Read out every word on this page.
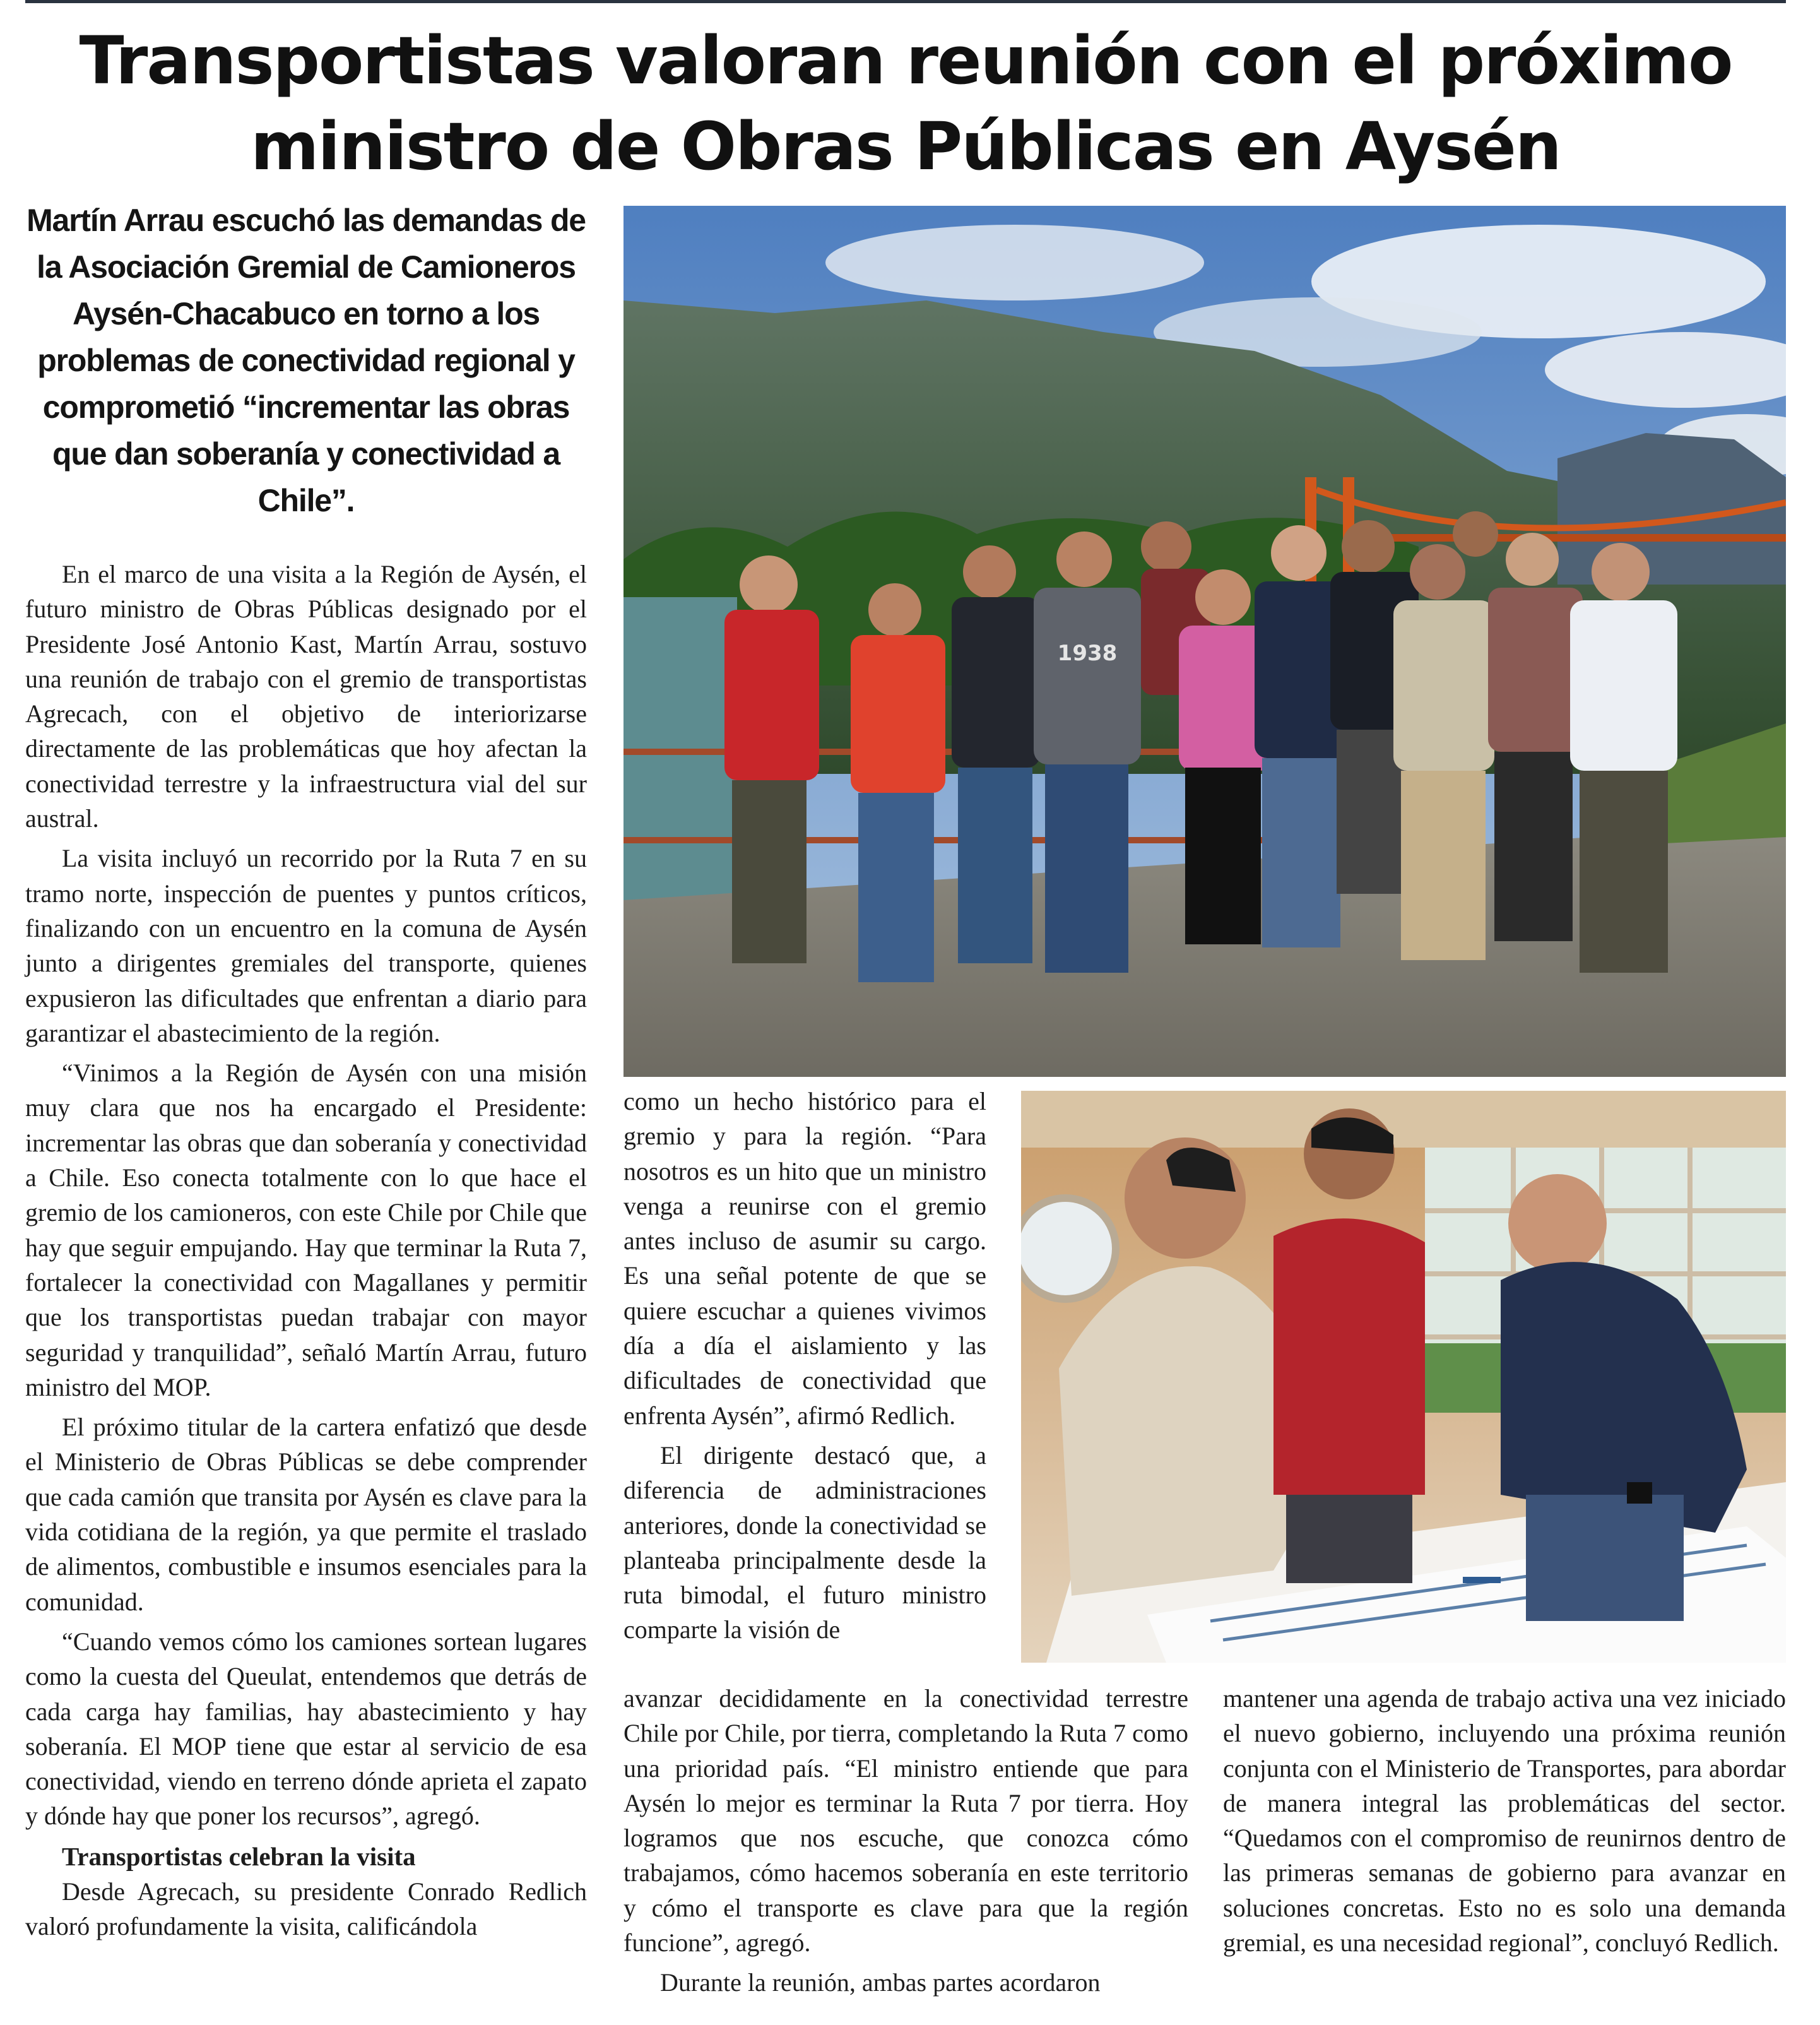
Transportistas valoran reunión con el próximo
ministro de Obras Públicas en Aysén
Martín Arrau escuchó las demandas de la Asociación Gremial de Camioneros Aysén-Chacabuco en torno a los problemas de conectividad regional y comprometió “incrementar las obras que dan soberanía y conectividad a Chile”.

En el marco de una visita a la Región de Aysén, el futuro ministro de Obras Públicas designado por el Presidente José Antonio Kast, Martín Arrau, sostuvo una reunión de trabajo con el gremio de transportistas Agrecach, con el objetivo de interiorizarse directamente de las problemáticas que hoy afectan la conectividad terrestre y la infraestructura vial del sur austral.

La visita incluyó un recorrido por la Ruta 7 en su tramo norte, inspección de puentes y puntos críticos, finalizando con un encuentro en la comuna de Aysén junto a dirigentes gremiales del transporte, quienes expusieron las dificultades que enfrentan a diario para garantizar el abastecimiento de la región.

“Vinimos a la Región de Aysén con una misión muy clara que nos ha encargado el Presidente: incrementar las obras que dan soberanía y conectividad a Chile. Eso conecta totalmente con lo que hace el gremio de los camioneros, con este Chile por Chile que hay que seguir empujando. Hay que terminar la Ruta 7, fortalecer la conectividad con Magallanes y permitir que los transportistas puedan trabajar con mayor seguridad y tranquilidad”, señaló Martín Arrau, futuro ministro del MOP.

El próximo titular de la cartera enfatizó que desde el Ministerio de Obras Públicas se debe comprender que cada camión que transita por Aysén es clave para la vida cotidiana de la región, ya que permite el traslado de alimentos, combustible e insumos esenciales para la comunidad.

“Cuando vemos cómo los camiones sortean lugares como la cuesta del Queulat, entendemos que detrás de cada carga hay familias, hay abastecimiento y hay soberanía. El MOP tiene que estar al servicio de esa conectividad, viendo en terreno dónde aprieta el zapato y dónde hay que poner los recursos”, agregó.

Transportistas celebran la visita

Desde Agrecach, su presidente Conrado Redlich valoró profundamente la visita, calificándola

1938

como un hecho histórico para el gremio y para la región. “Para nosotros es un hito que un ministro venga a reunirse con el gremio antes incluso de asumir su cargo. Es una señal potente de que se quiere escuchar a quienes vivimos día a día el aislamiento y las dificultades de conectividad que enfrenta Aysén”, afirmó Redlich.

El dirigente destacó que, a diferencia de administraciones anteriores, donde la conectividad se planteaba principalmente desde la ruta bimodal, el futuro ministro comparte la visión de

avanzar decididamente en la conectividad terrestre Chile por Chile, por tierra, completando la Ruta 7 como una prioridad país. “El ministro entiende que para Aysén lo mejor es terminar la Ruta 7 por tierra. Hoy logramos que nos escuche, que conozca cómo trabajamos, cómo hacemos soberanía en este territorio y cómo el transporte es clave para que la región funcione”, agregó.

Durante la reunión, ambas partes acordaron

mantener una agenda de trabajo activa una vez iniciado el nuevo gobierno, incluyendo una próxima reunión conjunta con el Ministerio de Transportes, para abordar de manera integral las problemáticas del sector. “Quedamos con el compromiso de reunirnos dentro de las primeras semanas de gobierno para avanzar en soluciones concretas. Esto no es solo una demanda gremial, es una necesidad regional”, concluyó Redlich.
